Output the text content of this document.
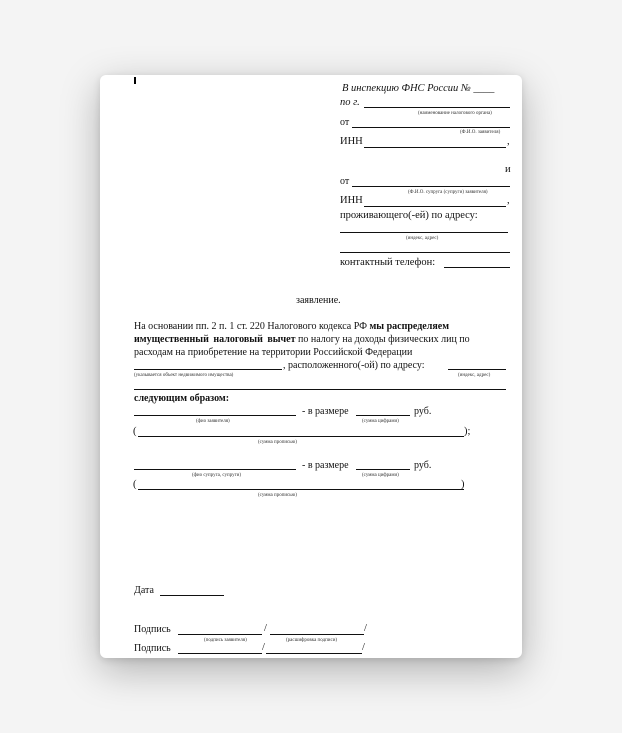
В инспекцию ФНС России № ____
по г.
(наименование налогового органа)
от
(Ф.И.О. заявителя)
ИНН	,
и
от
(Ф.И.О. супруга (супруги) заявителя)
ИНН	,
проживающего(-ей) по адресу:
(индекс, адрес)
контактный телефон:
заявление.
На основании пп. 2 п. 1 ст. 220 Налогового кодекса РФ мы распределяем
имущественный налоговый вычет по налогу на доходы физических лиц по
расходам на приобретение на территории Российской Федерации
, расположенного(-ой) по адресу:
(указывается объект недвижимого имущества)	(индекс, адрес)
следующим образом:
- в размере	руб.
(фио заявителя)	(сумма цифрами)
(	);
(сумма прописью)
- в размере	руб.
(фио супруга, супруги)	(сумма цифрами)
(	)
(сумма прописью)
Дата
Подпись	/	/
(подпись заявителя)	(расшифровка подписи)
Подпись	/	/
